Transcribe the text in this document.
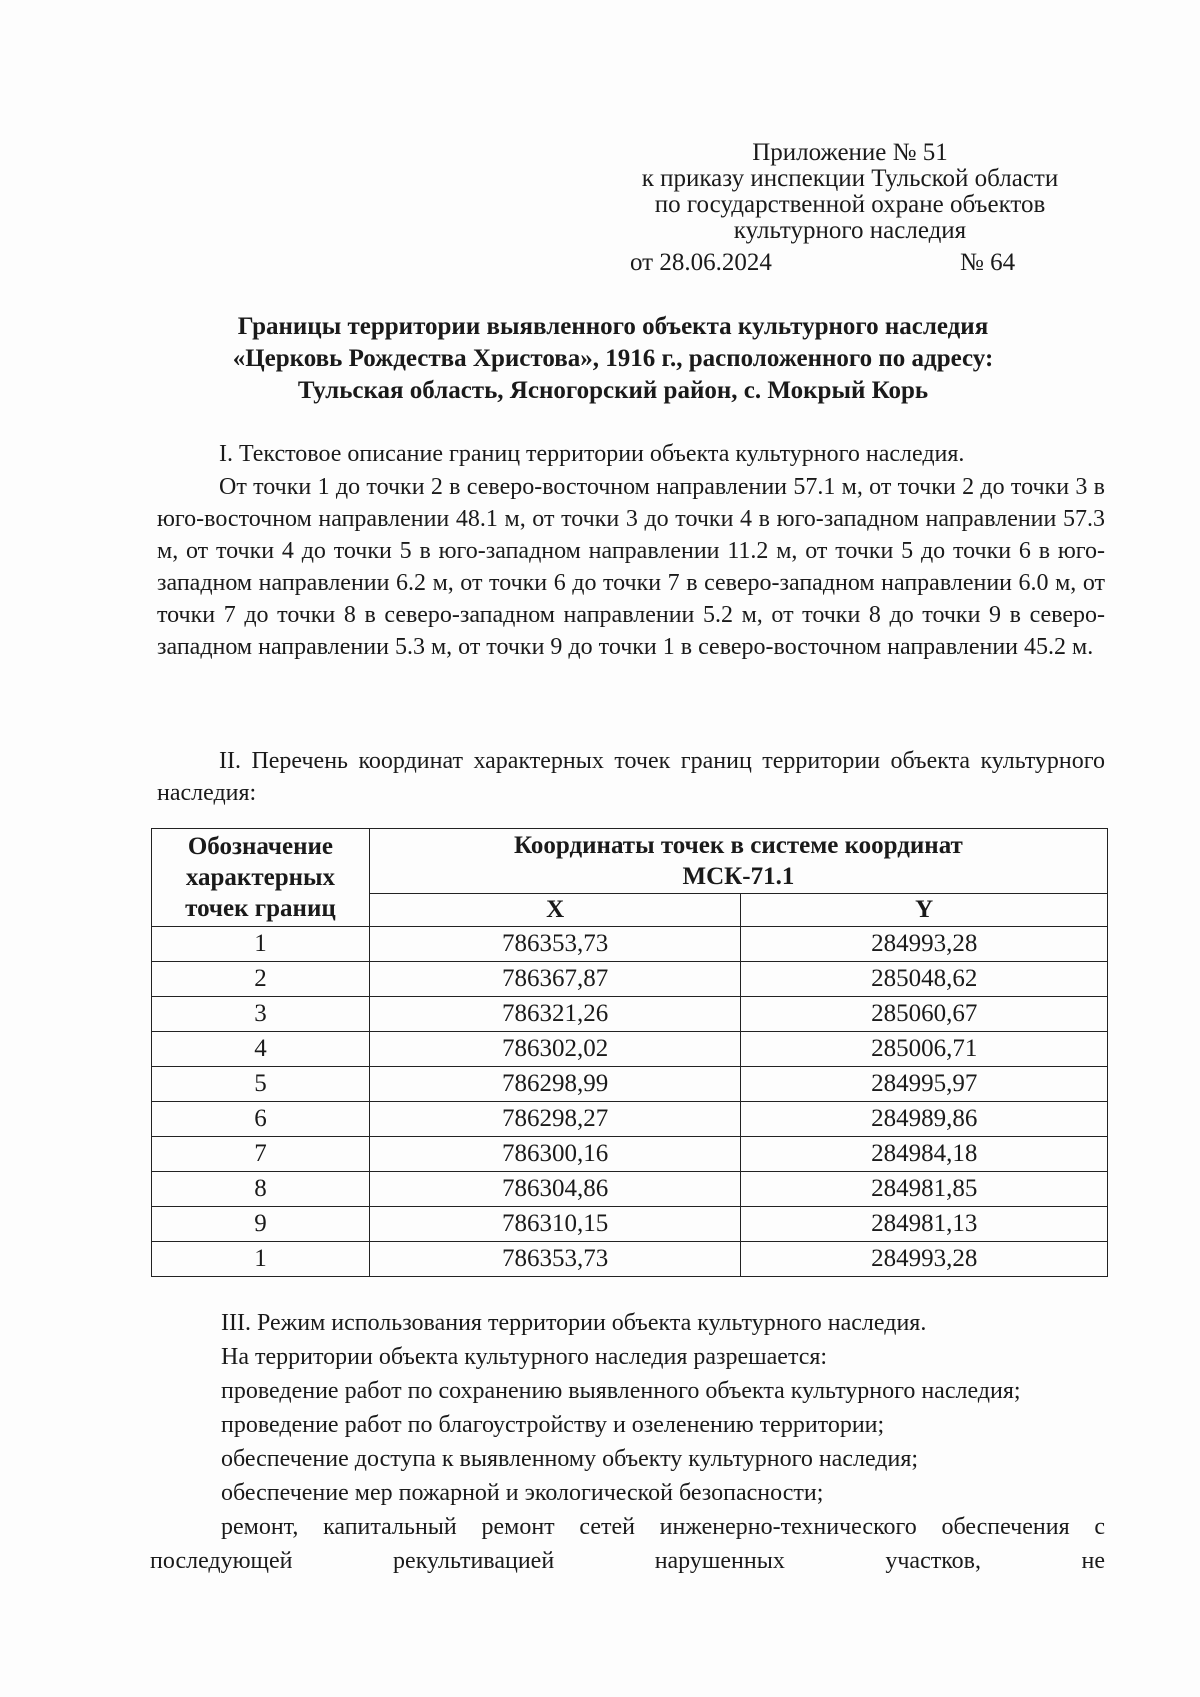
Приложение № 51
к приказу инспекции Тульской области
по государственной охране объектов
культурного наследия
от 28.06.2024	№ 64
Границы территории выявленного объекта культурного наследия
«Церковь Рождества Христова», 1916 г., расположенного по адресу:
Тульская область, Ясногорский район, с. Мокрый Корь
I. Текстовое описание границ территории объекта культурного наследия.
От точки 1 до точки 2 в северо-восточном направлении 57.1 м, от точки 2 до точки 3 в юго-восточном направлении 48.1 м, от точки 3 до точки 4 в юго-западном направлении 57.3 м, от точки 4 до точки 5 в юго-западном направлении 11.2 м, от точки 5 до точки 6 в юго-западном направлении 6.2 м, от точки 6 до точки 7 в северо-западном направлении 6.0 м, от точки 7 до точки 8 в северо-западном направлении 5.2 м, от точки 8 до точки 9 в северо-западном направлении 5.3 м, от точки 9 до точки 1 в северо-восточном направлении 45.2 м.
II. Перечень координат характерных точек границ территории объекта культурного наследия:
Обозначение
характерных
точек границ	Координаты точек в системе координат
МСК-71.1	
	X	Y
1	786353,73	284993,28
2	786367,87	285048,62
3	786321,26	285060,67
4	786302,02	285006,71
5	786298,99	284995,97
6	786298,27	284989,86
7	786300,16	284984,18
8	786304,86	284981,85
9	786310,15	284981,13
1	786353,73	284993,28
III. Режим использования территории объекта культурного наследия.
На территории объекта культурного наследия разрешается:
проведение работ по сохранению выявленного объекта культурного наследия;
проведение работ по благоустройству и озеленению территории;
обеспечение доступа к выявленному объекту культурного наследия;
обеспечение мер пожарной и экологической безопасности;
ремонт, капитальный ремонт сетей инженерно-технического обеспечения с последующей рекультивацией нарушенных участков, не
